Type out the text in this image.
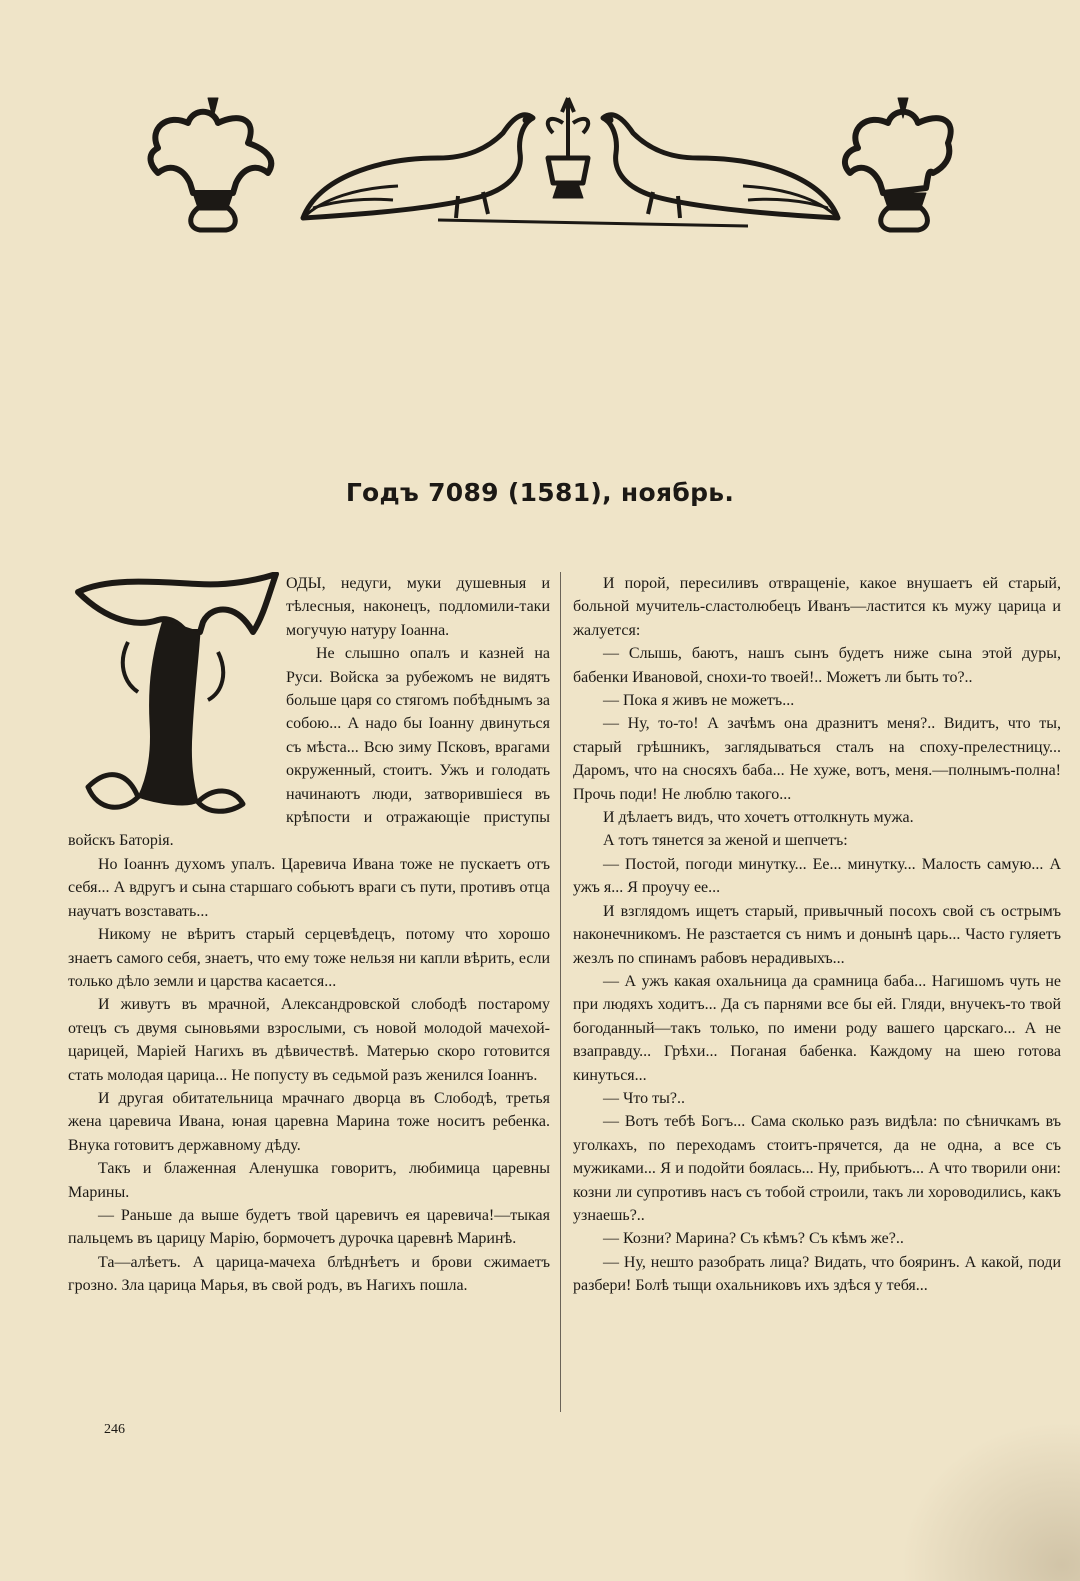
Годъ 7089 (1581), ноябрь.

ОДЫ, недуги, муки душевныя и тѣлесныя, наконецъ, подломили-таки могучую натуру Іоанна.

Не слышно опалъ и казней на Руси. Войска за рубежомъ не видятъ больше царя со стягомъ побѣднымъ за собою... А надо бы Іоанну двинуться съ мѣста... Всю зиму Псковъ, врагами окруженный, стоитъ. Ужъ и голодать начинаютъ люди, затворившіеся въ крѣпости и отражающіе приступы войскъ Баторія.

Но Іоаннъ духомъ упалъ. Царевича Ивана тоже не пускаетъ отъ себя... А вдругъ и сына старшаго собьютъ враги съ пути, противъ отца научатъ возставать...

Никому не вѣритъ старый серцевѣдецъ, потому что хорошо знаетъ самого себя, знаетъ, что ему тоже нельзя ни капли вѣрить, если только дѣло земли и царства касается...

И живутъ въ мрачной, Александровской слободѣ постарому отецъ съ двумя сыновьями взрослыми, съ новой молодой мачехой-царицей, Маріей Нагихъ въ дѣвичествѣ. Матерью скоро готовится стать молодая царица... Не попусту въ седьмой разъ женился Іоаннъ.

И другая обитательница мрачнаго дворца въ Слободѣ, третья жена царевича Ивана, юная царевна Марина тоже носитъ ребенка. Внука готовитъ державному дѣду.

Такъ и блаженная Аленушка говоритъ, любимица царевны Марины.

— Раньше да выше будетъ твой царевичъ ея царевича!—тыкая пальцемъ въ царицу Марію, бормочетъ дурочка царевнѣ Маринѣ.

Та—алѣетъ. А царица-мачеха блѣднѣетъ и брови сжимаетъ грозно. Зла царица Марья, въ свой родъ, въ Нагихъ пошла.

И порой, пересиливъ отвращеніе, какое внушаетъ ей старый, больной мучитель-сластолюбецъ Иванъ—ластится къ мужу царица и жалуется:

— Слышь, баютъ, нашъ сынъ будетъ ниже сына этой дуры, бабенки Ивановой, снохи-то твоей!.. Можетъ ли быть то?..

— Пока я живъ не можетъ...

— Ну, то-то! А зачѣмъ она дразнитъ меня?.. Видитъ, что ты, старый грѣшникъ, заглядываться сталъ на споху-прелестницу... Даромъ, что на сносяхъ баба... Не хуже, вотъ, меня.—полнымъ-полна! Прочь поди! Не люблю такого...

И дѣлаетъ видъ, что хочетъ оттолкнуть мужа.

А тотъ тянется за женой и шепчетъ:

— Постой, погоди минутку... Ее... минутку... Малость самую... А ужъ я... Я проучу ее...

И взглядомъ ищетъ старый, привычный посохъ свой съ острымъ наконечникомъ. Не разстается съ нимъ и донынѣ царь... Часто гуляетъ жезлъ по спинамъ рабовъ нерадивыхъ...

— А ужъ какая охальница да срамница баба... Нагишомъ чуть не при людяхъ ходитъ... Да съ парнями все бы ей. Гляди, внучекъ-то твой богоданный—такъ только, по имени роду вашего царскаго... А не взаправду... Грѣхи... Поганая бабенка. Каждому на шею готова кинуться...

— Что ты?..

— Вотъ тебѣ Богъ... Сама сколько разъ видѣла: по сѣничкамъ въ уголкахъ, по переходамъ стоитъ-прячется, да не одна, а все съ мужиками... Я и подойти боялась... Ну, прибьютъ... А что творили они: козни ли супротивъ насъ съ тобой строили, такъ ли хороводились, какъ узнаешь?..

— Козни? Марина? Съ кѣмъ? Съ кѣмъ же?..

— Ну, нешто разобрать лица? Видать, что бояринъ. А какой, поди разбери! Болѣ тыщи охальниковъ ихъ здѣся у тебя...

246
